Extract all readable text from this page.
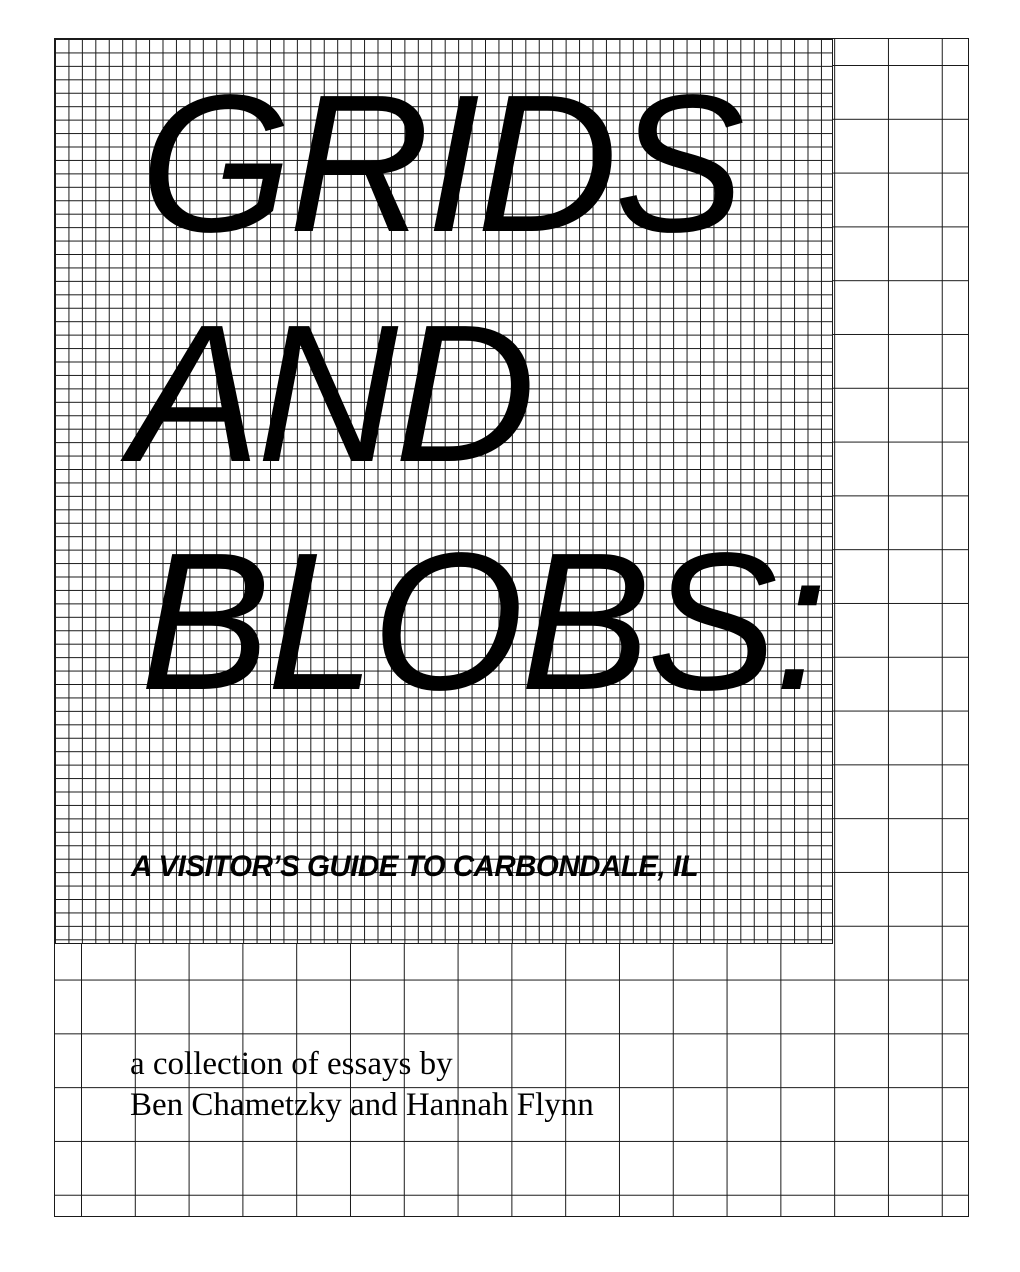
GRIDS
AND
BLOBS:
A VISITOR’S GUIDE TO CARBONDALE, IL

a collection of essays by

Ben Chametzky and Hannah Flynn
